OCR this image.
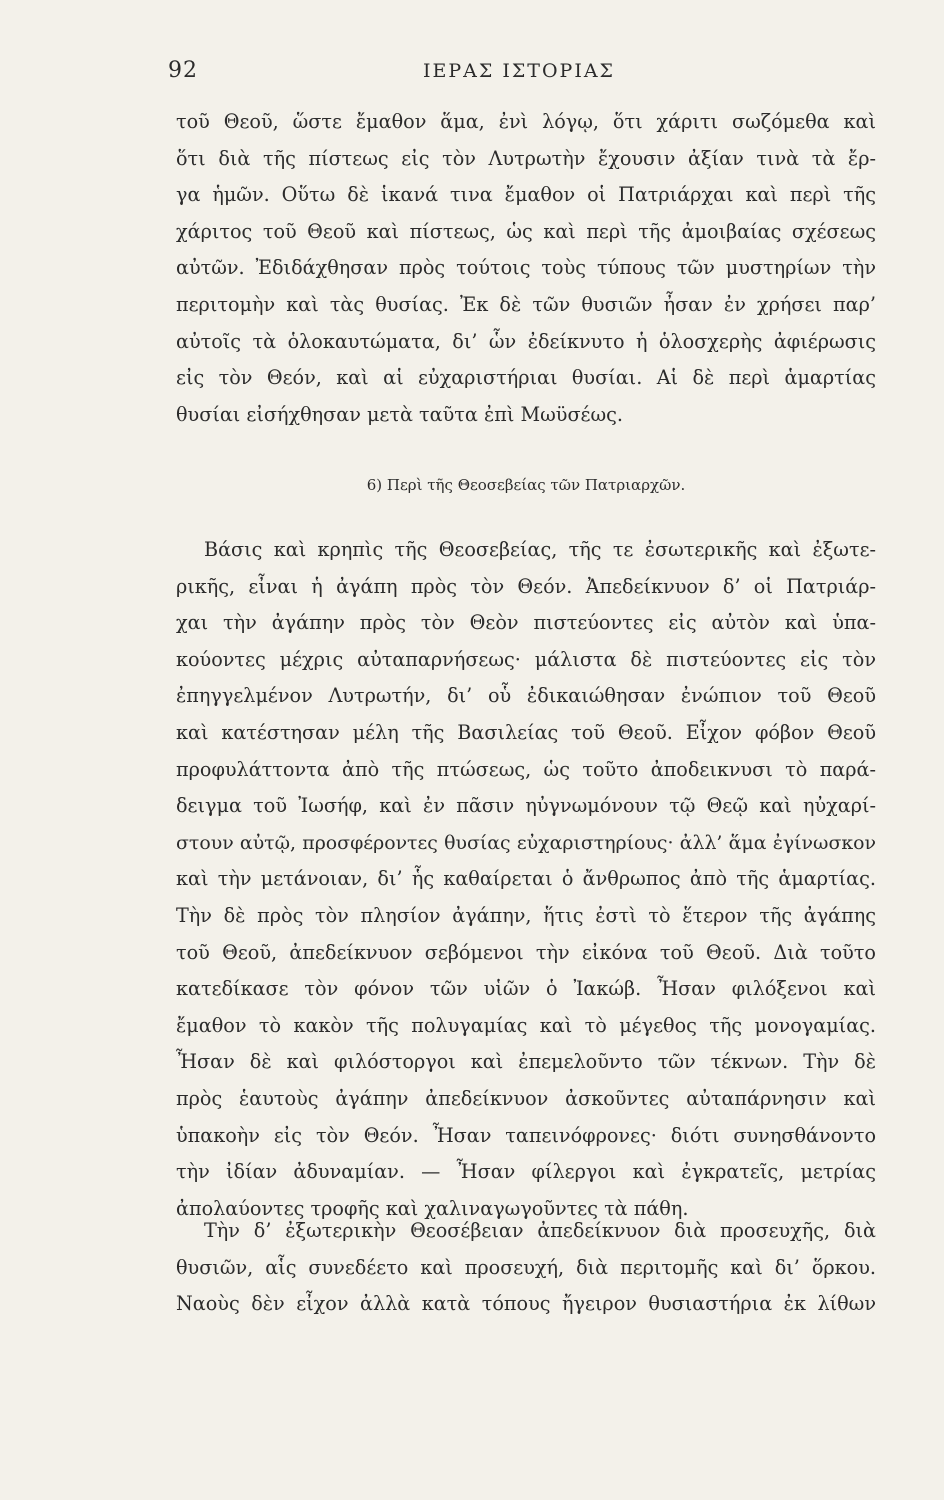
92	ΙΕΡΑΣ ΙΣΤΟΡΙΑΣ
τοῦ Θεοῦ, ὥστε ἔμαθον ἅμα, ἐνὶ λόγῳ, ὅτι χάριτι σωζόμεθα καὶ
ὅτι διὰ τῆς πίστεως εἰς τὸν Λυτρωτὴν ἔχουσιν ἀξίαν τινὰ τὰ ἔρ-
γα ἡμῶν. Οὕτω δὲ ἱκανά τινα ἔμαθον οἱ Πατριάρχαι καὶ περὶ τῆς
χάριτος τοῦ Θεοῦ καὶ πίστεως, ὡς καὶ περὶ τῆς ἀμοιβαίας σχέσεως
αὐτῶν. Ἐδιδάχθησαν πρὸς τούτοις τοὺς τύπους τῶν μυστηρίων τὴν
περιτομὴν καὶ τὰς θυσίας. Ἐκ δὲ τῶν θυσιῶν ἦσαν ἐν χρήσει παρ’
αὐτοῖς τὰ ὁλοκαυτώματα, δι’ ὧν ἐδείκνυτο ἡ ὁλοσχερὴς ἀφιέρωσις
εἰς τὸν Θεόν, καὶ αἱ εὐχαριστήριαι θυσίαι. Αἱ δὲ περὶ ἁμαρτίας
θυσίαι εἰσήχθησαν μετὰ ταῦτα ἐπὶ Μωϋσέως.
6) Περὶ τῆς Θεοσεβείας τῶν Πατριαρχῶν.
Βάσις καὶ κρηπὶς τῆς Θεοσεβείας, τῆς τε ἐσωτερικῆς καὶ ἐξωτε-
ρικῆς, εἶναι ἡ ἀγάπη πρὸς τὸν Θεόν. Ἀπεδείκνυον δ’ οἱ Πατριάρ-
χαι τὴν ἀγάπην πρὸς τὸν Θεὸν πιστεύοντες εἰς αὐτὸν καὶ ὑπα-
κούοντες μέχρις αὐταπαρνήσεως· μάλιστα δὲ πιστεύοντες εἰς τὸν
ἐπηγγελμένον Λυτρωτήν, δι’ οὗ ἐδικαιώθησαν ἐνώπιον τοῦ Θεοῦ
καὶ κατέστησαν μέλη τῆς Βασιλείας τοῦ Θεοῦ. Εἶχον φόβον Θεοῦ
προφυλάττοντα ἀπὸ τῆς πτώσεως, ὡς τοῦτο ἀποδεικνυσι τὸ παρά-
δειγμα τοῦ Ἰωσήφ, καὶ ἐν πᾶσιν ηὐγνωμόνουν τῷ Θεῷ καὶ ηὐχαρί-
στουν αὐτῷ, προσφέροντες θυσίας εὐχαριστηρίους· ἀλλ’ ἅμα ἐγίνωσκον
καὶ τὴν μετάνοιαν, δι’ ἧς καθαίρεται ὁ ἄνθρωπος ἀπὸ τῆς ἁμαρτίας.
Τὴν δὲ πρὸς τὸν πλησίον ἀγάπην, ἥτις ἐστὶ τὸ ἕτερον τῆς ἀγάπης
τοῦ Θεοῦ, ἀπεδείκνυον σεβόμενοι τὴν εἰκόνα τοῦ Θεοῦ. Διὰ τοῦτο
κατεδίκασε τὸν φόνον τῶν υἱῶν ὁ Ἰακώβ. Ἦσαν φιλόξενοι καὶ
ἔμαθον τὸ κακὸν τῆς πολυγαμίας καὶ τὸ μέγεθος τῆς μονογαμίας.
Ἦσαν δὲ καὶ φιλόστοργοι καὶ ἐπεμελοῦντο τῶν τέκνων. Τὴν δὲ
πρὸς ἑαυτοὺς ἀγάπην ἀπεδείκνυον ἀσκοῦντες αὐταπάρνησιν καὶ
ὑπακοὴν εἰς τὸν Θεόν. Ἦσαν ταπεινόφρονες· διότι συνησθάνοντο
τὴν ἰδίαν ἀδυναμίαν. — Ἦσαν φίλεργοι καὶ ἐγκρατεῖς, μετρίας
ἀπολαύοντες τροφῆς καὶ χαλιναγωγοῦντες τὰ πάθη.
Τὴν δ’ ἐξωτερικὴν Θεοσέβειαν ἀπεδείκνυον διὰ προσευχῆς, διὰ
θυσιῶν, αἷς συνεδέετο καὶ προσευχή, διὰ περιτομῆς καὶ δι’ ὅρκου.
Ναοὺς δὲν εἶχον ἀλλὰ κατὰ τόπους ἤγειρον θυσιαστήρια ἐκ λίθων
